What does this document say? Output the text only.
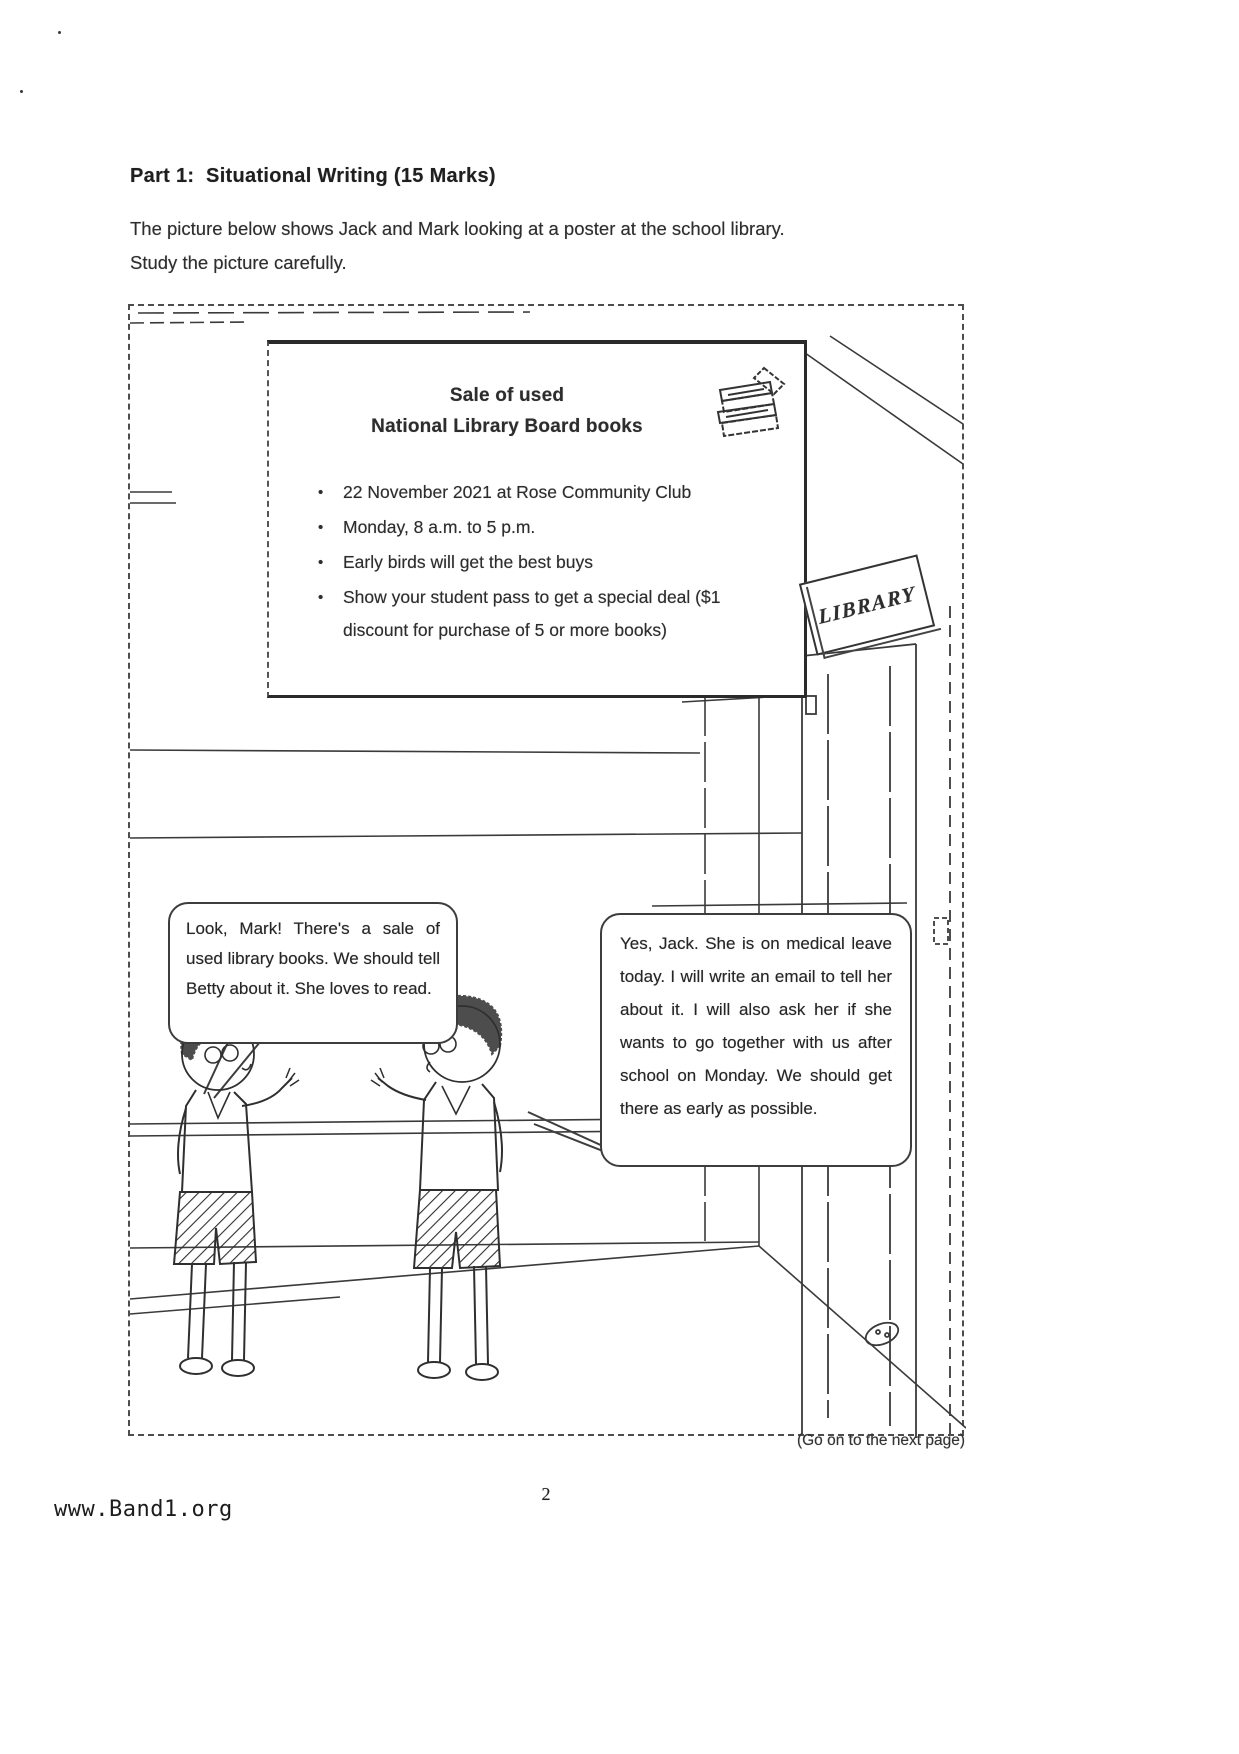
Part 1:  Situational Writing (15 Marks)

The picture below shows Jack and Mark looking at a poster at the school library.
Study the picture carefully.

Sale of used
National Library Board books
• 22 November 2021 at Rose Community Club
• Monday, 8 a.m. to 5 p.m.
• Early birds will get the best buys
• Show your student pass to get a special deal ($1 discount for purchase of 5 or more books)
LIBRARY
Look, Mark! There's a sale of used library books. We should tell Betty about it. She loves to read.
Yes, Jack. She is on medical leave today. I will write an email to tell her about it. I will also ask her if she wants to go together with us after school on Monday. We should get there as early as possible.
(Go on to the next page)
2
www.Band1.org
